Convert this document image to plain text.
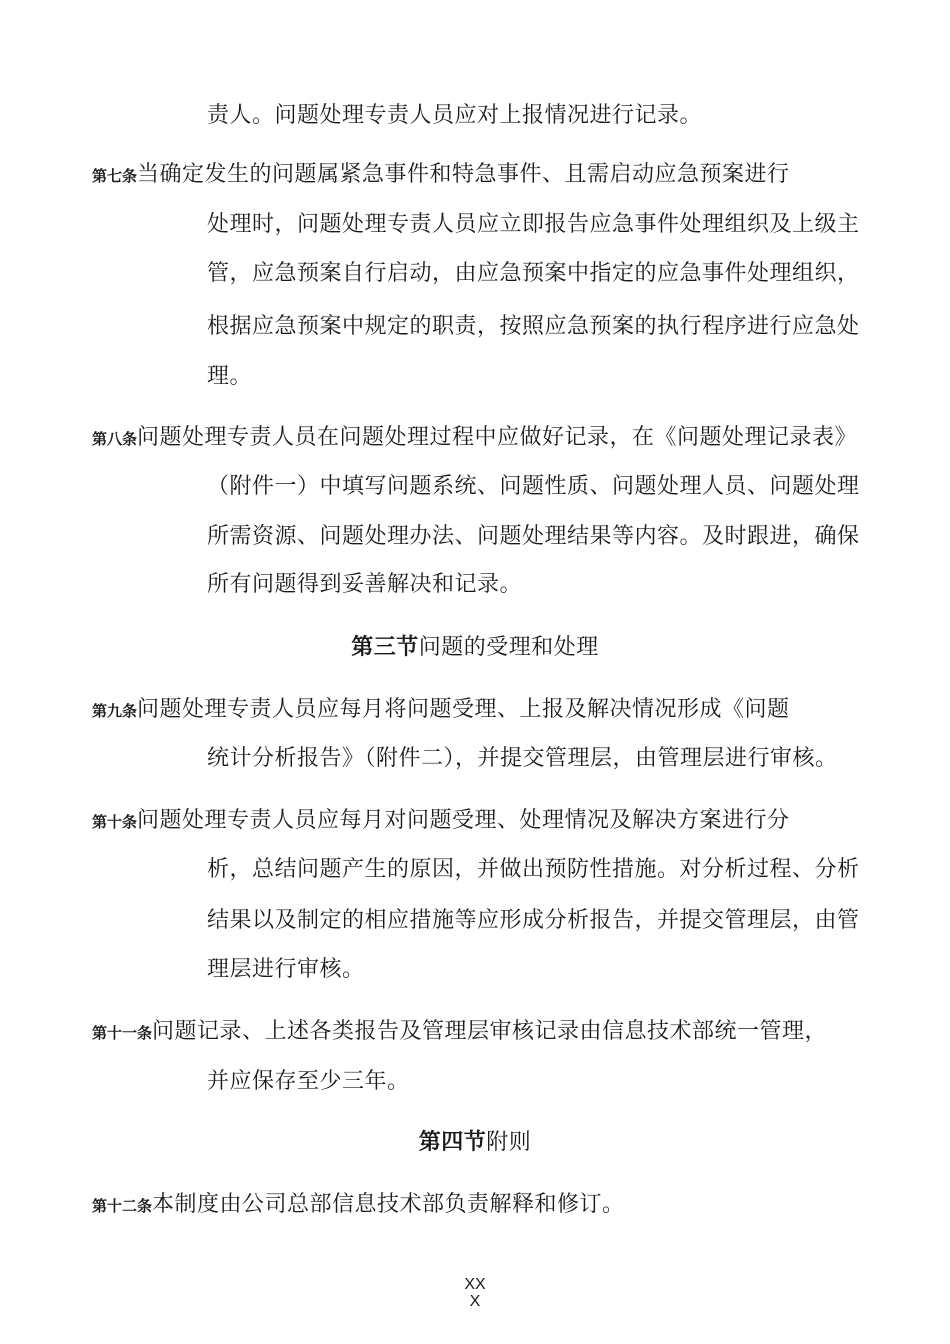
责人。问题处理专责人员应对上报情况进行记录。
第七条当确定发生的问题属紧急事件和特急事件、且需启动应急预案进行
处理时，问题处理专责人员应立即报告应急事件处理组织及上级主
管，应急预案自行启动，由应急预案中指定的应急事件处理组织，
根据应急预案中规定的职责，按照应急预案的执行程序进行应急处
理。
第八条问题处理专责人员在问题处理过程中应做好记录，在《问题处理记录表》
（附件一）中填写问题系统、问题性质、问题处理人员、问题处理
所需资源、问题处理办法、问题处理结果等内容。及时跟进，确保
所有问题得到妥善解决和记录。
第三节问题的受理和处理
第九条问题处理专责人员应每月将问题受理、上报及解决情况形成《问题
统计分析报告》（附件二），并提交管理层，由管理层进行审核。
第十条问题处理专责人员应每月对问题受理、处理情况及解决方案进行分
析，总结问题产生的原因，并做出预防性措施。对分析过程、分析
结果以及制定的相应措施等应形成分析报告，并提交管理层，由管
理层进行审核。
第十一条问题记录、上述各类报告及管理层审核记录由信息技术部统一管理，
并应保存至少三年。
第四节附则
第十二条本制度由公司总部信息技术部负责解释和修订。
XX
X
